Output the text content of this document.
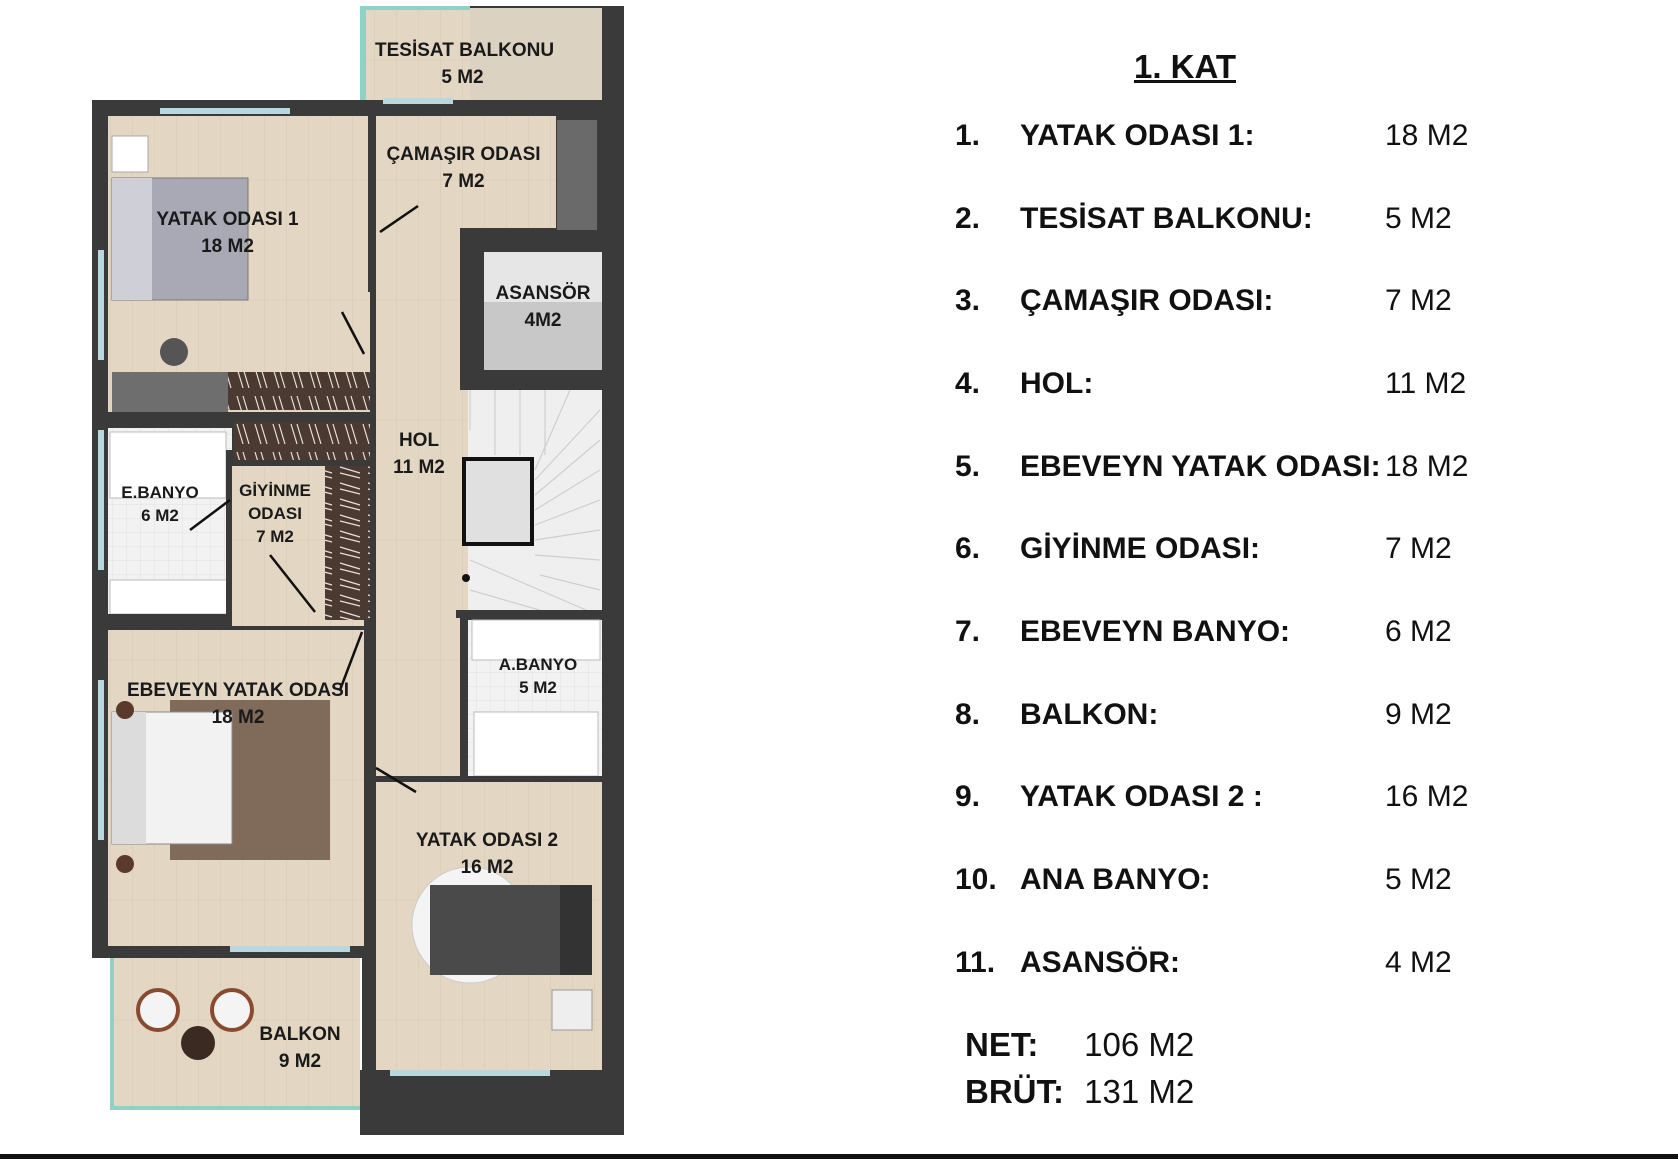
TESİSAT BALKONU
5 M2
ÇAMAŞIR ODASI
7 M2
YATAK ODASI 1
18 M2
ASANSÖR
4M2
HOL
11 M2
E.BANYO
6 M2
GİYİNME
ODASI
7 M2
A.BANYO
5 M2
EBEVEYN YATAK ODASI
18 M2
YATAK ODASI 2
16 M2
BALKON
9 M2
1. KAT
1. YATAK ODASI 1:	18 M2
2. TESİSAT BALKONU: 5 M2
3. ÇAMAŞIR ODASI:	7 M2
4. HOL:	11 M2
5. EBEVEYN YATAK ODASI: 18 M2
6. GİYİNME ODASI:	7 M2
7. EBEVEYN BANYO:	6 M2
8. BALKON:	9 M2
9. YATAK ODASI 2 :	16 M2
10. ANA BANYO:	5 M2
11. ASANSÖR:	4 M2
NET: 106 M2
BRÜT: 131 M2
